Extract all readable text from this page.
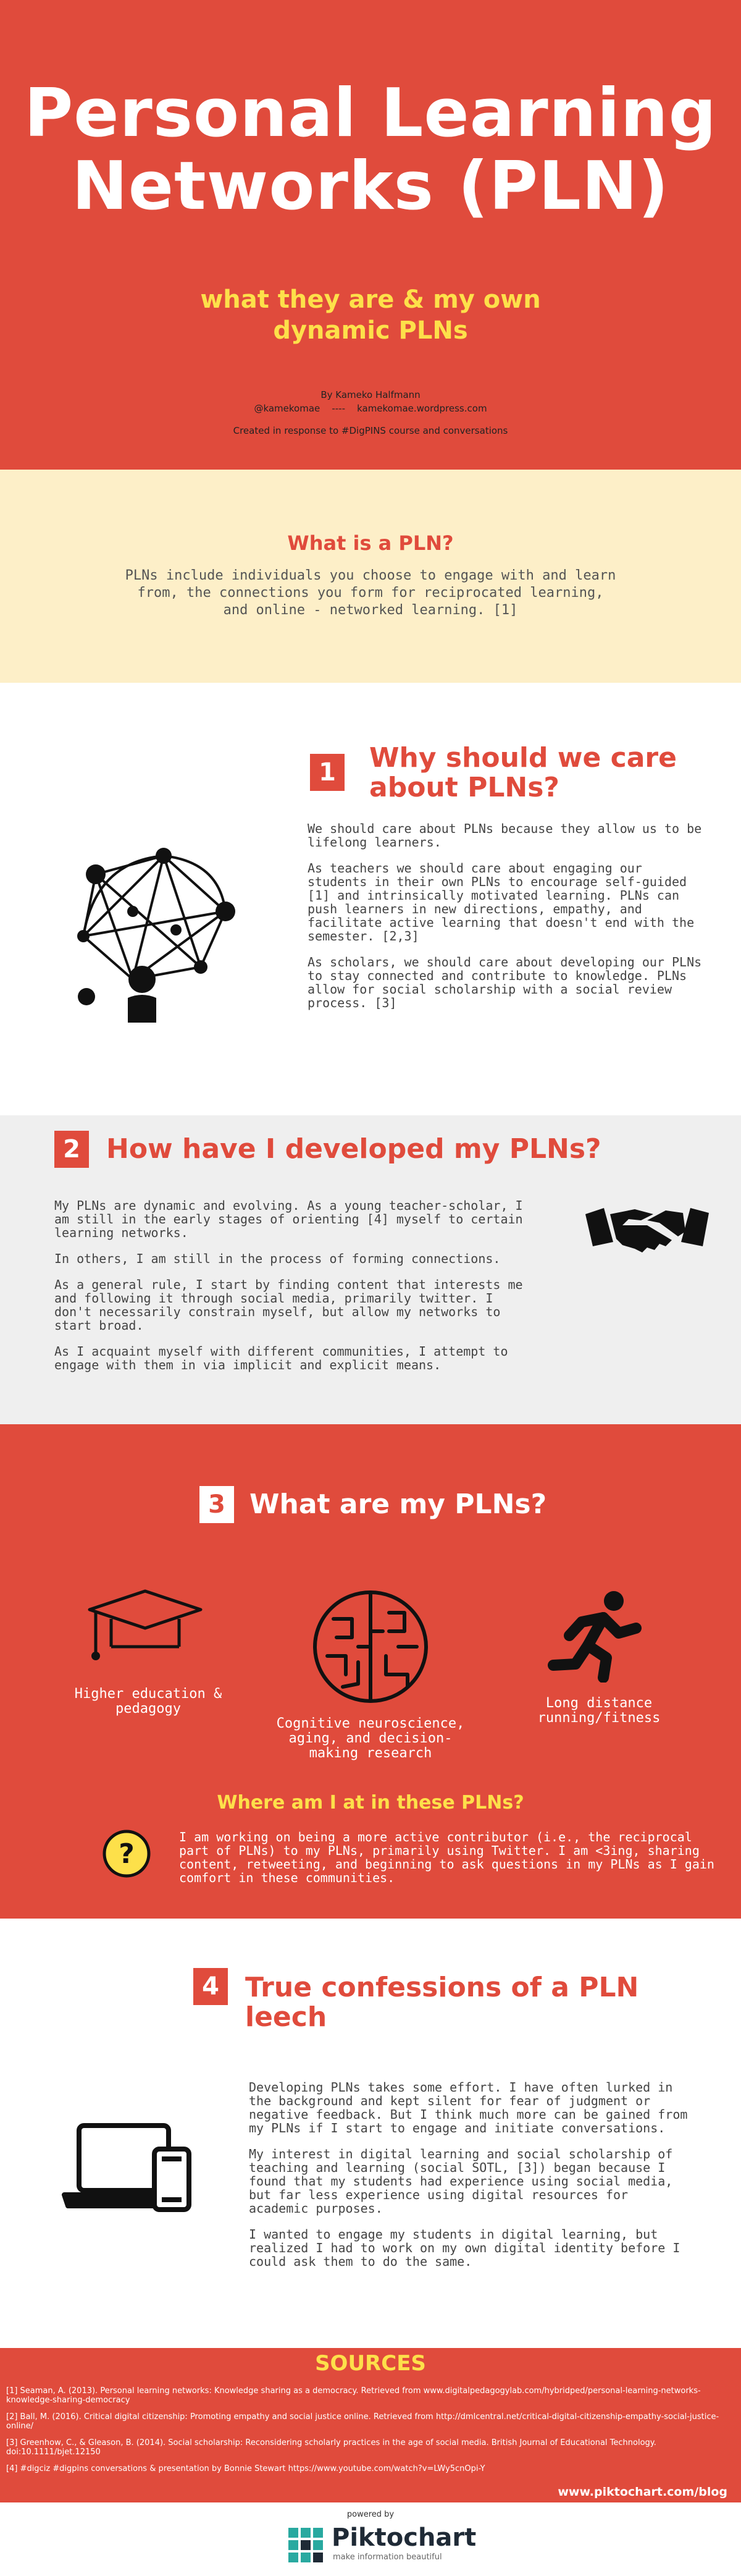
Personal Learning
Networks (PLN)
what they are & my own
dynamic PLNs
By Kameko Halfmann
@kamekomae ---- kamekomae.wordpress.com
Created in response to #DigPINS course and conversations
What is a PLN?
PLNs include individuals you choose to engage with and learn from, the connections you form for reciprocated learning, and online - networked learning. [1]
1	Why should we care
about PLNs?

We should care about PLNs because they allow us to be lifelong learners.

As teachers we should care about engaging our students in their own PLNs to encourage self-guided [1] and intrinsically motivated learning. PLNs can push learners in new directions, empathy, and facilitate active learning that doesn't end with the semester. [2,3]

As scholars, we should care about developing our PLNs to stay connected and contribute to knowledge. PLNs allow for social scholarship with a social review process. [3]

2 How have I developed my PLNs?

My PLNs are dynamic and evolving. As a young teacher-scholar, I am still in the early stages of orienting [4] myself to certain learning networks.

In others, I am still in the process of forming connections.

As a general rule, I start by finding content that interests me and following it through social media, primarily twitter. I don't necessarily constrain myself, but allow my networks to start broad.

As I acquaint myself with different communities, I attempt to engage with them in via implicit and explicit means.

3 What are my PLNs?
Higher education & pedagogy
Cognitive neuroscience, aging, and decision-making research
Long distance running/fitness
Where am I at in these PLNs?
?
I am working on being a more active contributor (i.e., the reciprocal part of PLNs) to my PLNs, primarily using Twitter. I am <3ing, sharing content, retweeting, and beginning to ask questions in my PLNs as I gain comfort in these communities.
4 True confessions of a PLN leech

Developing PLNs takes some effort. I have often lurked in the background and kept silent for fear of judgment or negative feedback. But I think much more can be gained from my PLNs if I start to engage and initiate conversations.

My interest in digital learning and social scholarship of teaching and learning (social SOTL, [3]) began because I found that my students had experience using social media, but far less experience using digital resources for academic purposes.

I wanted to engage my students in digital learning, but realized I had to work on my own digital identity before I could ask them to do the same.

SOURCES

[1] Seaman, A. (2013). Personal learning networks: Knowledge sharing as a democracy. Retrieved from www.digitalpedagogylab.com/hybridped/personal-learning-networks-knowledge-sharing-democracy

[2] Ball, M. (2016). Critical digital citizenship: Promoting empathy and social justice online. Retrieved from http://dmlcentral.net/critical-digital-citizenship-empathy-social-justice-online/

[3] Greenhow, C., & Gleason, B. (2014). Social scholarship: Reconsidering scholarly practices in the age of social media. British Journal of Educational Technology. doi:10.1111/bjet.12150

[4] #digciz #digpins conversations & presentation by Bonnie Stewart https://www.youtube.com/watch?v=LWy5cnOpi-Y

www.piktochart.com/blog
powered by
Piktochart
make information beautiful
